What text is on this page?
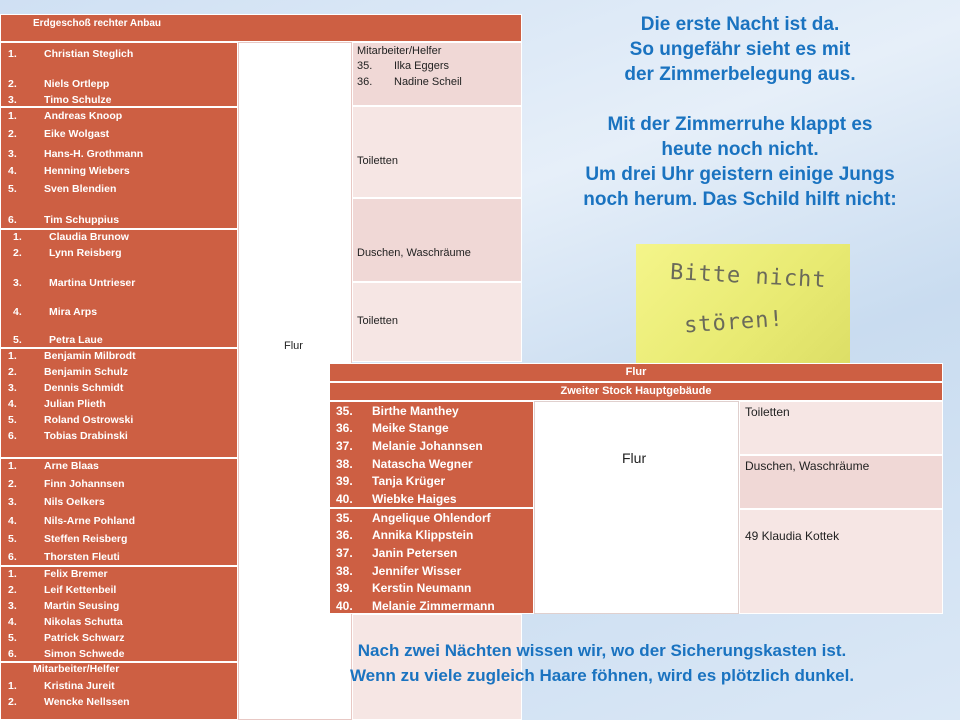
Erdgeschoß rechter Anbau
1.	Christian Steglich
2.	Niels Ortlepp
3.	Timo Schulze
1.	Andreas Knoop
2.	Eike Wolgast
3.	Hans-H. Grothmann
4.	Henning Wiebers
5.	Sven Blendien
6.	Tim Schuppius
1.	Claudia Brunow
2.	Lynn Reisberg
3.	Martina Untrieser
4.	Mira Arps
5.	Petra Laue
1.	Benjamin Milbrodt
2.	Benjamin Schulz
3.	Dennis Schmidt
4.	Julian Plieth
5.	Roland Ostrowski
6.	Tobias Drabinski
1.	Arne Blaas
2.	Finn Johannsen
3.	Nils Oelkers
4.	Nils-Arne Pohland
5.	Steffen Reisberg
6.	Thorsten Fleuti
1.	Felix Bremer
2.	Leif Kettenbeil
3.	Martin Seusing
4.	Nikolas Schutta
5.	Patrick Schwarz
6.	Simon Schwede
Mitarbeiter/Helfer
1.	Kristina Jureit
2.	Wencke Nellssen
Flur
Mitarbeiter/Helfer
35. Ilka Eggers
36. Nadine Scheil
Toiletten
Duschen, Waschräume
Toiletten
Die erste Nacht ist da.
So ungefähr sieht es mit
der Zimmerbelegung aus.
Mit der Zimmerruhe klappt es
heute noch nicht.
Um drei Uhr geistern einige Jungs
noch herum. Das Schild hilft nicht:
Bitte nicht
stören!
Flur
Zweiter Stock Hauptgebäude
35. Birthe Manthey
36. Meike Stange
37. Melanie Johannsen
38. Natascha Wegner
39. Tanja Krüger
40. Wiebke Haiges
35. Angelique Ohlendorf
36. Annika Klippstein
37. Janin Petersen
38. Jennifer Wisser
39. Kerstin Neumann
40. Melanie Zimmermann
Flur
Toiletten
Duschen, Waschräume
49 Klaudia Kottek
Nach zwei Nächten wissen wir, wo der Sicherungskasten ist.
Wenn zu viele zugleich Haare föhnen, wird es plötzlich dunkel.
